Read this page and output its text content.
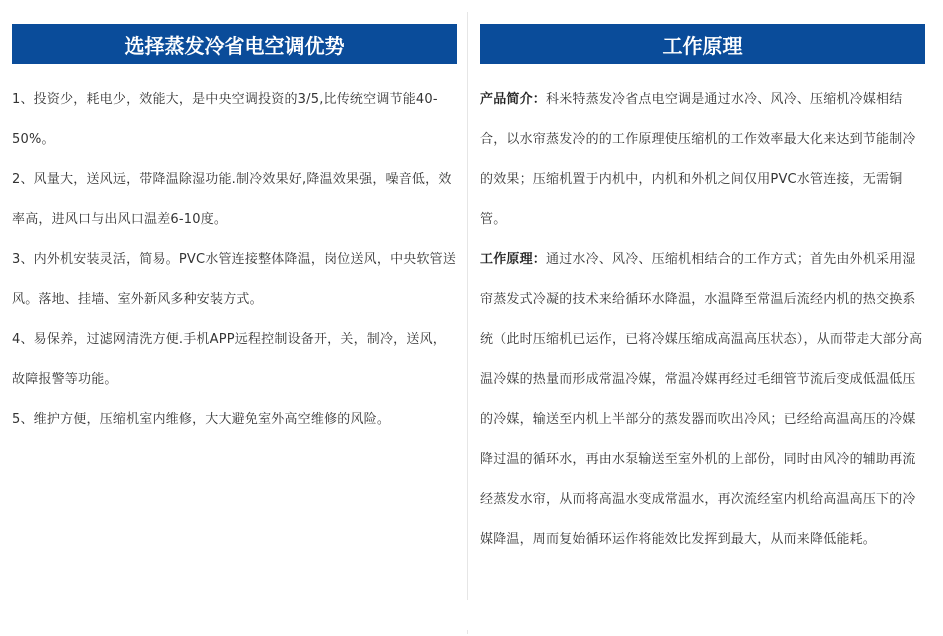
选择蒸发冷省电空调优势

1、投资少，耗电少，效能大，是中央空调投资的3/5,比传统空调节能40-50%。

2、风量大，送风远，带降温除湿功能.制冷效果好,降温效果强，噪音低，效率高，进风口与出风口温差6-10度。

3、内外机安装灵活，简易。PVC水管连接整体降温，岗位送风，中央软管送风。落地、挂墙、室外新风多种安装方式。

4、易保养，过滤网清洗方便.手机APP远程控制设备开，关，制冷，送风，故障报警等功能。

5、维护方便，压缩机室内维修，大大避免室外高空维修的风险。

工作原理

产品简介：科米特蒸发冷省点电空调是通过水冷、风冷、压缩机冷媒相结合，以水帘蒸发冷的的工作原理使压缩机的工作效率最大化来达到节能制冷的效果；压缩机置于内机中，内机和外机之间仅用PVC水管连接，无需铜管。

工作原理：通过水冷、风冷、压缩机相结合的工作方式；首先由外机采用湿帘蒸发式冷凝的技术来给循环水降温，水温降至常温后流经内机的热交换系统（此时压缩机已运作，已将冷媒压缩成高温高压状态），从而带走大部分高温冷媒的热量而形成常温冷媒，常温冷媒再经过毛细管节流后变成低温低压的冷媒，输送至内机上半部分的蒸发器而吹出冷风；已经给高温高压的冷媒降过温的循环水，再由水泵输送至室外机的上部份，同时由风冷的辅助再流经蒸发水帘，从而将高温水变成常温水，再次流经室内机给高温高压下的冷媒降温，周而复始循环运作将能效比发挥到最大，从而来降低能耗。
